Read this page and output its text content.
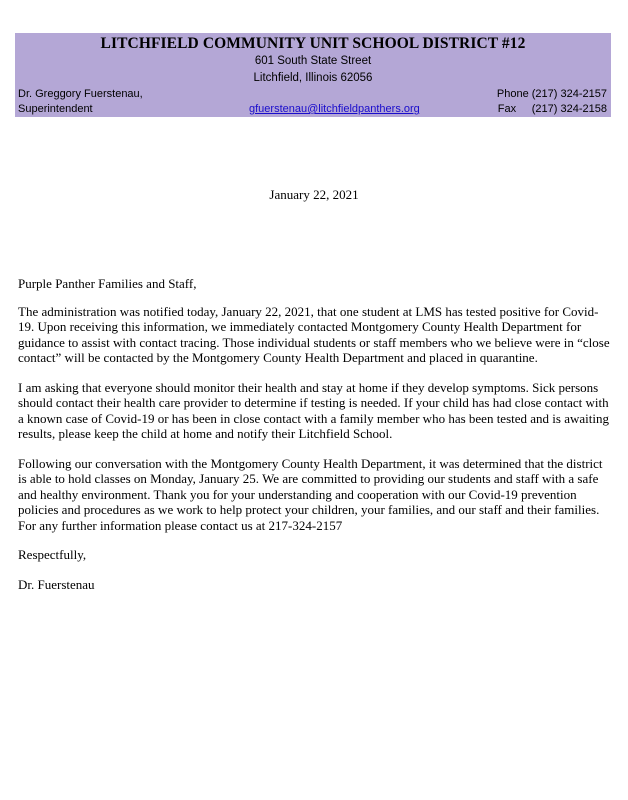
LITCHFIELD COMMUNITY UNIT SCHOOL DISTRICT #12
601 South State Street
Litchfield, Illinois 62056
Dr. Greggory Fuerstenau,
Superintendent	gfuerstenau@litchfieldpanthers.org
Phone (217) 324-2157
Fax (217) 324-2158
January 22, 2021

Purple Panther Families and Staff,

The administration was notified today, January 22, 2021, that one student at LMS has tested positive for Covid-19. Upon receiving this information, we immediately contacted Montgomery County Health Department for guidance to assist with contact tracing. Those individual students or staff members who we believe were in “close contact” will be contacted by the Montgomery County Health Department and placed in quarantine.

I am asking that everyone should monitor their health and stay at home if they develop symptoms. Sick persons should contact their health care provider to determine if testing is needed. If your child has had close contact with a known case of Covid-19 or has been in close contact with a family member who has been tested and is awaiting results, please keep the child at home and notify their Litchfield School.

Following our conversation with the Montgomery County Health Department, it was determined that the district is able to hold classes on Monday, January 25. We are committed to providing our students and staff with a safe and healthy environment. Thank you for your understanding and cooperation with our Covid-19 prevention policies and procedures as we work to help protect your children, your families, and our staff and their families. For any further information please contact us at 217-324-2157

Respectfully,

Dr. Fuerstenau
